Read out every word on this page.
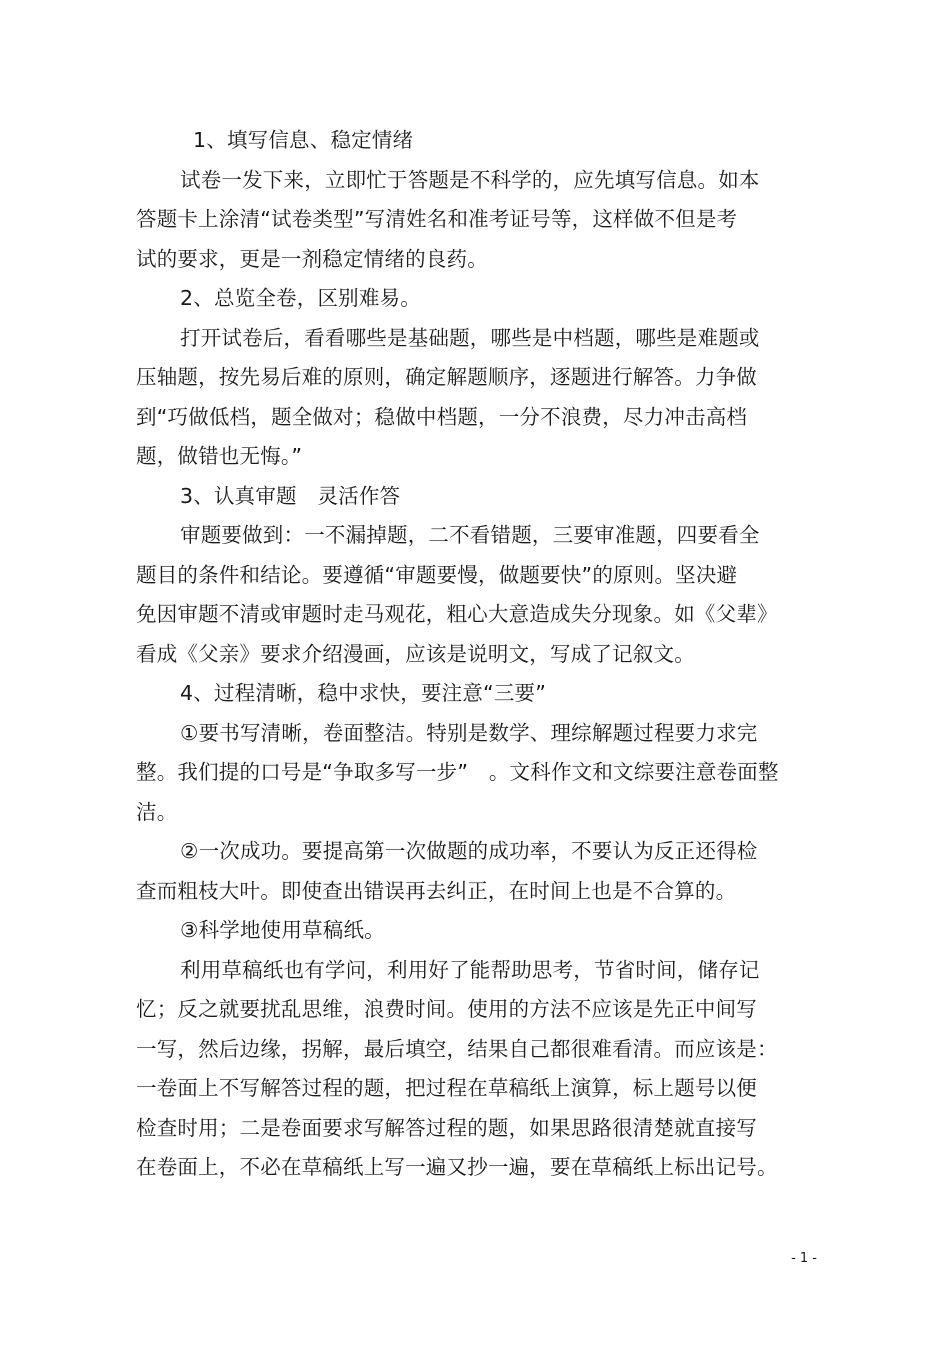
1、填写信息、稳定情绪
试卷一发下来，立即忙于答题是不科学的，应先填写信息。如本
答题卡上涂清“试卷类型”写清姓名和准考证号等，这样做不但是考
试的要求，更是一剂稳定情绪的良药。
2、总览全卷，区别难易。
打开试卷后，看看哪些是基础题，哪些是中档题，哪些是难题或
压轴题，按先易后难的原则，确定解题顺序，逐题进行解答。力争做
到“巧做低档，题全做对；稳做中档题，一分不浪费，尽力冲击高档
题，做错也无悔。”
3、认真审题　灵活作答
审题要做到：一不漏掉题，二不看错题，三要审准题，四要看全
题目的条件和结论。要遵循“审题要慢，做题要快”的原则。坚决避
免因审题不清或审题时走马观花，粗心大意造成失分现象。如《父辈》
看成《父亲》要求介绍漫画，应该是说明文，写成了记叙文。
4、过程清晰，稳中求快，要注意“三要”
①要书写清晰，卷面整洁。特别是数学、理综解题过程要力求完
整。我们提的口号是“争取多写一步”　。文科作文和文综要注意卷面整
洁。
②一次成功。要提高第一次做题的成功率，不要认为反正还得检
查而粗枝大叶。即使查出错误再去纠正，在时间上也是不合算的。
③科学地使用草稿纸。
利用草稿纸也有学问，利用好了能帮助思考，节省时间，储存记
忆；反之就要扰乱思维，浪费时间。使用的方法不应该是先正中间写
一写，然后边缘，拐解，最后填空，结果自己都很难看清。而应该是：
一卷面上不写解答过程的题，把过程在草稿纸上演算，标上题号以便
检查时用；二是卷面要求写解答过程的题，如果思路很清楚就直接写
在卷面上，不必在草稿纸上写一遍又抄一遍，要在草稿纸上标出记号。
- 1 -
